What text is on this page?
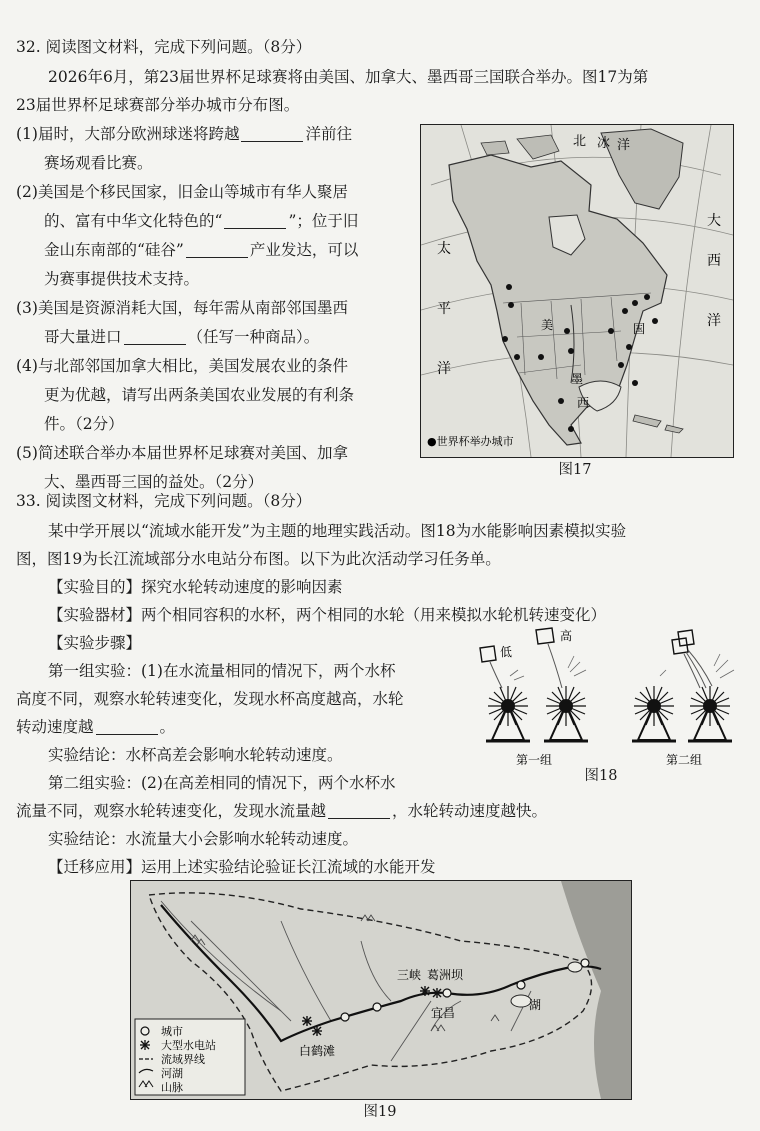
32. 阅读图文材料，完成下列问题。（8分）
2026年6月，第23届世界杯足球赛将由美国、加拿大、墨西哥三国联合举办。图17为第
23届世界杯足球赛部分举办城市分布图。
(1)届时，大部分欧洲球迷将跨越	洋前往
赛场观看比赛。
(2)美国是个移民国家，旧金山等城市有华人聚居
的、富有中华文化特色的“	”；位于旧
金山东南部的“硅谷”	产业发达，可以
为赛事提供技术支持。
(3)美国是资源消耗大国，每年需从南部邻国墨西
哥大量进口	（任写一种商品）。
(4)与北部邻国加拿大相比，美国发展农业的条件
更为优越，请写出两条美国农业发展的有利条
件。（2分）
(5)简述联合举办本届世界杯足球赛对美国、加拿
大、墨西哥三国的益处。（2分）
北 冰 洋
太
平
洋
大
西
洋
美	国
墨
西
●世界杯举办城市
图17
33. 阅读图文材料，完成下列问题。（8分）
某中学开展以“流域水能开发”为主题的地理实践活动。图18为水能影响因素模拟实验
图，图19为长江流域部分水电站分布图。以下为此次活动学习任务单。
【实验目的】探究水轮转动速度的影响因素
【实验器材】两个相同容积的水杯，两个相同的水轮（用来模拟水轮机转速变化）
【实验步骤】
第一组实验：(1)在水流量相同的情况下，两个水杯
高度不同，观察水轮转速变化，发现水杯高度越高，水轮
转动速度越	。
实验结论：水杯高差会影响水轮转动速度。
第二组实验：(2)在高差相同的情况下，两个水杯水
流量不同，观察水轮转速变化，发现水流量越	，水轮转动速度越快。
实验结论：水流量大小会影响水轮转动速度。
【迁移应用】运用上述实验结论验证长江流域的水能开发
低
高
第一组	第二组
图18
三峡 葛洲坝
宜昌
白鹤滩
湖
城市
大型水电站
流域界线
河湖
山脉
图19
